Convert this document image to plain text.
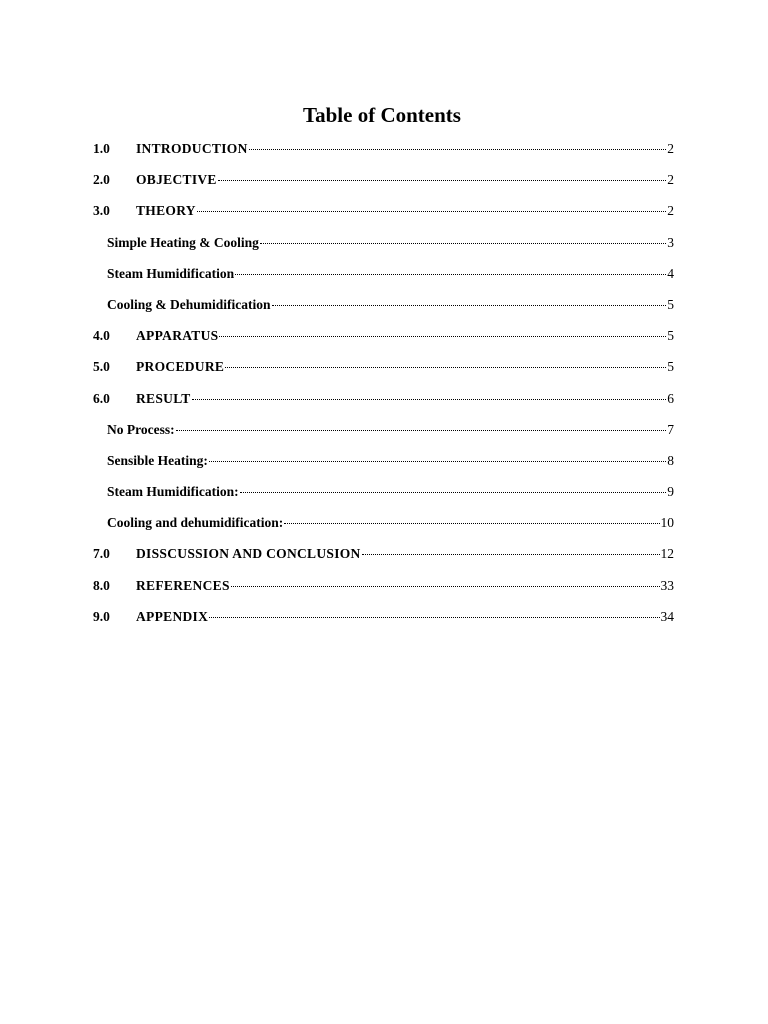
Table of Contents
1.0	INTRODUCTION	2
2.0	OBJECTIVE	2
3.0	THEORY	2
Simple Heating & Cooling	3
Steam Humidification	4
Cooling & Dehumidification	5
4.0	APPARATUS	5
5.0	PROCEDURE	5
6.0	RESULT	6
No Process:	7
Sensible Heating:	8
Steam Humidification:	9
Cooling and dehumidification:	10
7.0	DISSCUSSION AND CONCLUSION	12
8.0	REFERENCES	33
9.0	APPENDIX	34
